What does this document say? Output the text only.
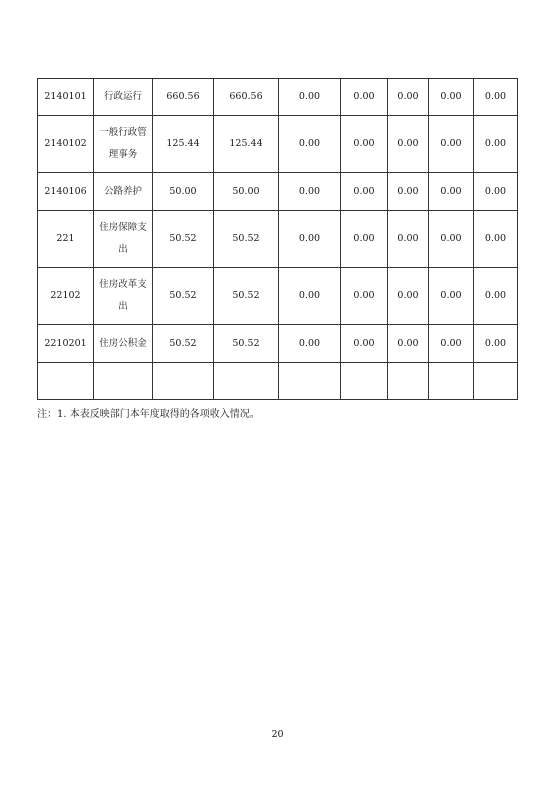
2140101	行政运行	660.56	660.56	0.00	0.00	0.00	0.00	0.00
2140102	一般行政管理事务	125.44	125.44	0.00	0.00	0.00	0.00	0.00
2140106	公路养护	50.00	50.00	0.00	0.00	0.00	0.00	0.00
221	住房保障支出	50.52	50.52	0.00	0.00	0.00	0.00	0.00
22102	住房改革支出	50.52	50.52	0.00	0.00	0.00	0.00	0.00
2210201	住房公积金	50.52	50.52	0.00	0.00	0.00	0.00	0.00

注：1. 本表反映部门本年度取得的各项收入情况。
20
